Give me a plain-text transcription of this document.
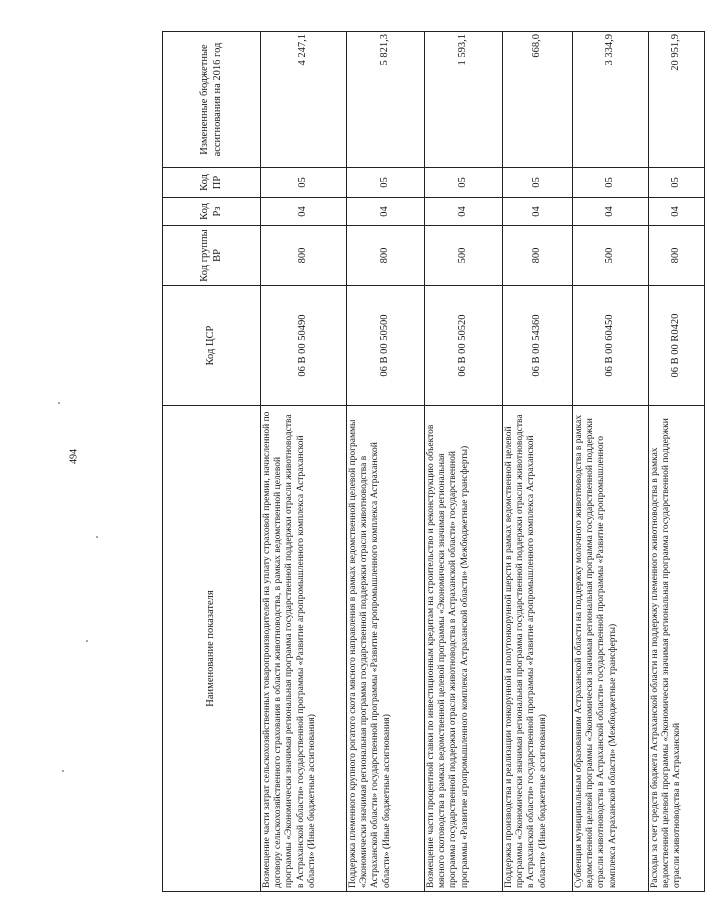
494
Наименование показателя	Код ЦСР	Код группы ВР	Код Рз	Код ПР	Измененные бюджетные ассигнования на 2016 год
Возмещение части затрат сельскохозяйственных товаропроизводителей на уплату страховой премии, начисленной по договору сельскохозяйственного страхования в области животноводства, в рамках ведомственной целевой программы «Экономически значимая региональная программа государственной поддержки отрасли животноводства в Астраханской области» государственной программы «Развитие агропромышленного комплекса Астраханской области» (Иные бюджетные ассигнования)	06 В 00 50490	800	04	05	4 247,1
Поддержка племенного крупного рогатого скота мясного направления в рамках ведомственной целевой программы «Экономически значимая региональная программа государственной поддержки отрасли животноводства в Астраханской области» государственной программы «Развитие агропромышленного комплекса Астраханской области» (Иные бюджетные ассигнования)	06 В 00 50500	800	04	05	5 821,3
Возмещение части процентной ставки по инвестиционным кредитам на строительство и реконструкцию объектов мясного скотоводства в рамках ведомственной целевой программы «Экономически значимая региональная программа государственной поддержки отрасли животноводства в Астраханской области» государственной программы «Развитие агропромышленного комплекса Астраханской области» (Межбюджетные трансферты)	06 В 00 50520	500	04	05	1 593,1
Поддержка производства и реализации тонкорунной и полутонкорунной шерсти в рамках ведомственной целевой программы «Экономически значимая региональная программа государственной поддержки отрасли животноводства в Астраханской области» государственной программы «Развитие агропромышленного комплекса Астраханской области» (Иные бюджетные ассигнования)	06 В 00 54360	800	04	05	668,0
Субвенция муниципальным образованиям Астраханской области на поддержку молочного животноводства в рамках ведомственной целевой программы «Экономически значимая региональная программа государственной поддержки отрасли животноводства в Астраханской области» государственной программы «Развитие агропромышленного комплекса Астраханской области» (Межбюджетные трансферты)	06 В 00 60450	500	04	05	3 334,9
Расходы за счет средств бюджета Астраханской области на поддержку племенного животноводства в рамках ведомственной целевой программы «Экономически значимая региональная программа государственной поддержки отрасли животноводства в Астраханской	06 В 00 R0420	800	04	05	20 951,9
